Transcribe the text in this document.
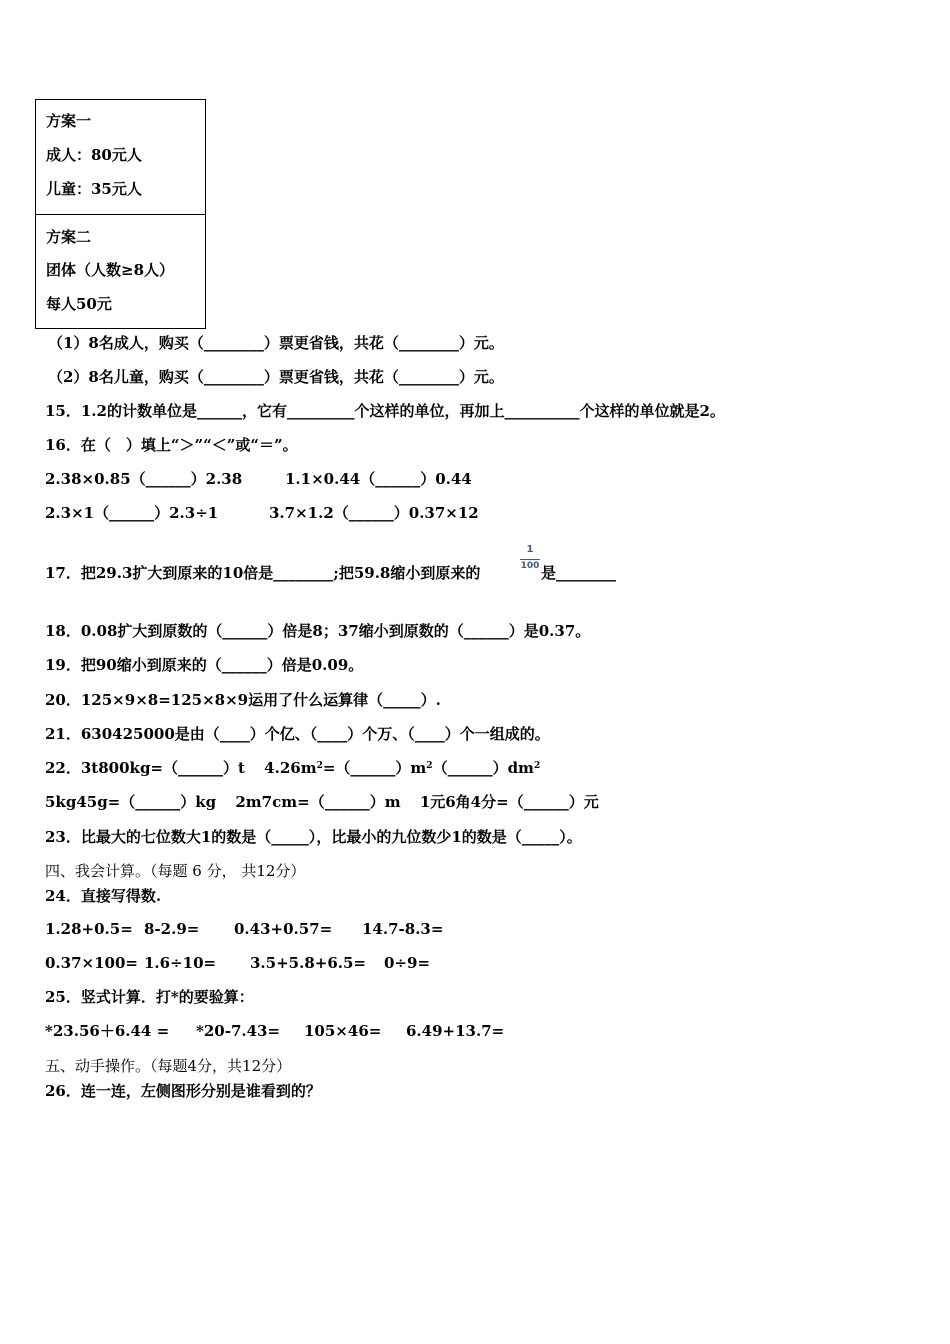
方案一
成人：80元人
儿童：35元人
方案二
团体（人数≥8人）
每人50元
（1）8名成人，购买（________）票更省钱，共花（________）元。
（2）8名儿童，购买（________）票更省钱，共花（________）元。
15．1.2的计数单位是______，它有_________个这样的单位，再加上__________个这样的单位就是2。
16．在（　）填上“＞”“＜”或“＝”。
2.38×0.85（______）2.38	1.1×0.44（______）0.44
2.3×1（______）2.3÷1	3.7×1.2（______）0.37×12
17．把29.3扩大到原来的10倍是________;把59.8缩小到原来的
1
100 是________
18．0.08扩大到原数的（______）倍是8；37缩小到原数的（______）是0.37。
19．把90缩小到原来的（______）倍是0.09。
20．125×9×8=125×8×9运用了什么运算律（_____）.
21．630425000是由（____）个亿、（____）个万、（____）个一组成的。
22．3t800kg=（______）t $4.26m^2=(\_\_\_\_\_\_)m^2(\_\_\_\_\_\_)dm^2$
5kg45g=（______）kg 2m7cm=（______）m 1元6角4分=（______）元
23．比最大的七位数大1的数是（_____），比最小的九位数少1的数是（_____）。
四、我会计算。（每题 6 分， 共12分）
24．直接写得数.
1.28+0.5= 8-2.9= 0.43+0.57= 14.7-8.3=
0.37×100= 1.6÷10= 3.5+5.8+6.5= 0÷9=
25．竖式计算．打*的要验算：
*23.56＋6.44 = *20-7.43= 105×46= 6.49+13.7=
五、动手操作。（每题4分，共12分）
26．连一连，左侧图形分别是谁看到的？
